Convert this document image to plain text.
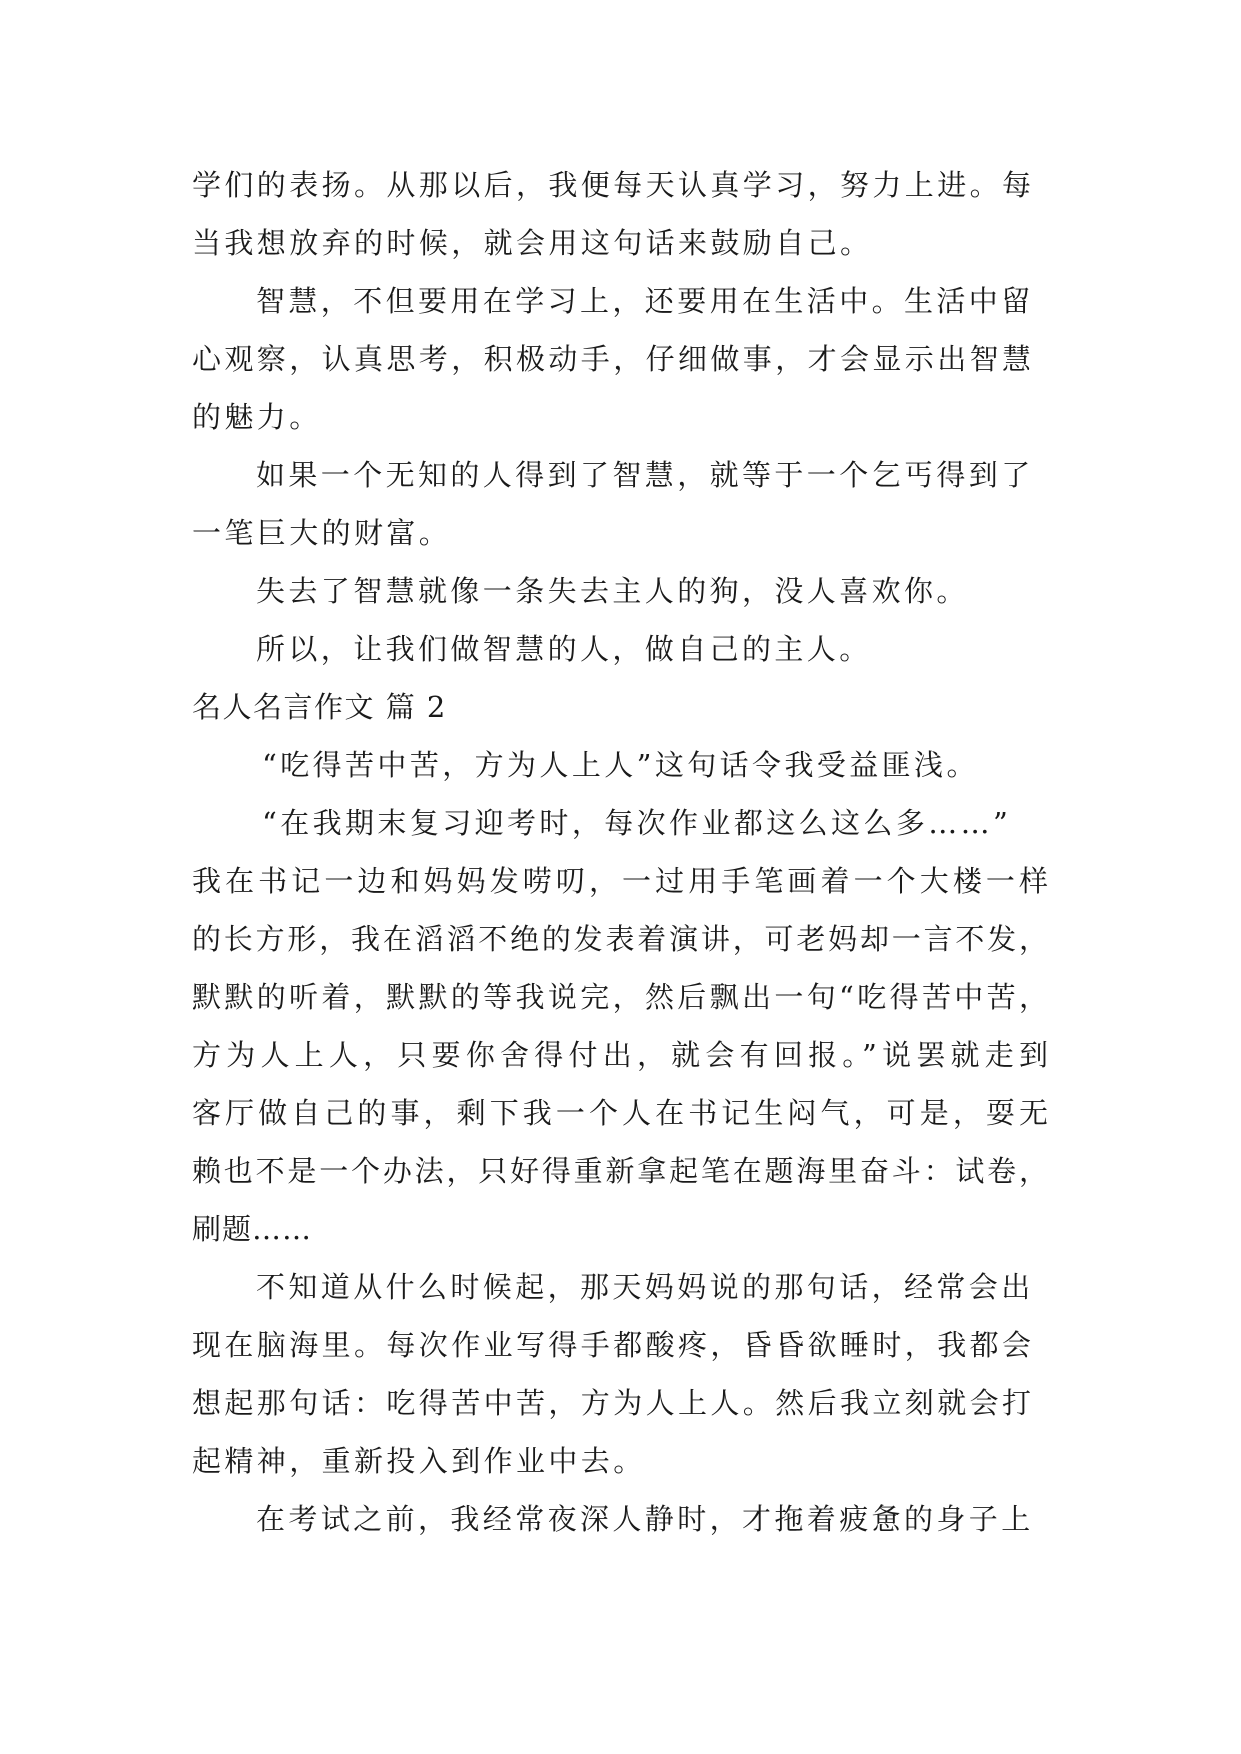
学们的表扬。从那以后，我便每天认真学习，努力上进。每
当我想放弃的时候，就会用这句话来鼓励自己。
智慧，不但要用在学习上，还要用在生活中。生活中留
心观察，认真思考，积极动手，仔细做事，才会显示出智慧
的魅力。
如果一个无知的人得到了智慧，就等于一个乞丐得到了
一笔巨大的财富。
失去了智慧就像一条失去主人的狗，没人喜欢你。
所以，让我们做智慧的人，做自己的主人。
名人名言作文 篇 2
“吃得苦中苦，方为人上人”这句话令我受益匪浅。
“在我期末复习迎考时，每次作业都这么这么多……”
我在书记一边和妈妈发唠叨，一过用手笔画着一个大楼一样
的长方形，我在滔滔不绝的发表着演讲，可老妈却一言不发，
默默的听着，默默的等我说完，然后飘出一句“吃得苦中苦，
方为人上人，只要你舍得付出，就会有回报。”说罢就走到
客厅做自己的事，剩下我一个人在书记生闷气，可是，耍无
赖也不是一个办法，只好得重新拿起笔在题海里奋斗：试卷，
刷题……
不知道从什么时候起，那天妈妈说的那句话，经常会出
现在脑海里。每次作业写得手都酸疼，昏昏欲睡时，我都会
想起那句话：吃得苦中苦，方为人上人。然后我立刻就会打
起精神，重新投入到作业中去。
在考试之前，我经常夜深人静时，才拖着疲惫的身子上
